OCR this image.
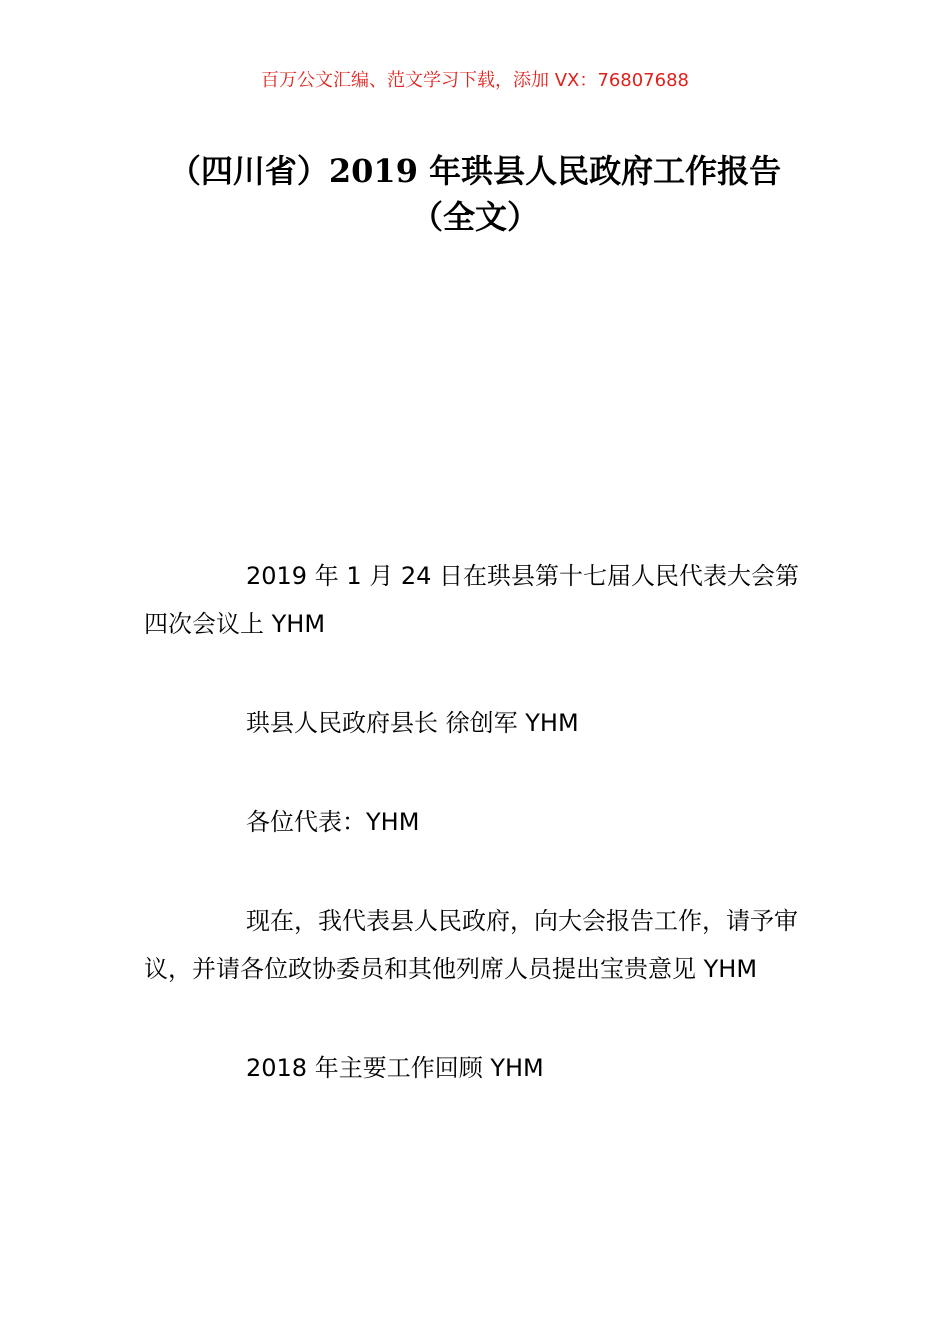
百万公文汇编、范文学习下载，添加 VX：76807688
（四川省）2019 年珙县人民政府工作报告（全文）

2019 年 1 月 24 日在珙县第十七届人民代表大会第四次会议上 YHM

珙县人民政府县长 徐创军 YHM

各位代表：YHM

现在，我代表县人民政府，向大会报告工作，请予审议，并请各位政协委员和其他列席人员提出宝贵意见 YHM

2018 年主要工作回顾 YHM
